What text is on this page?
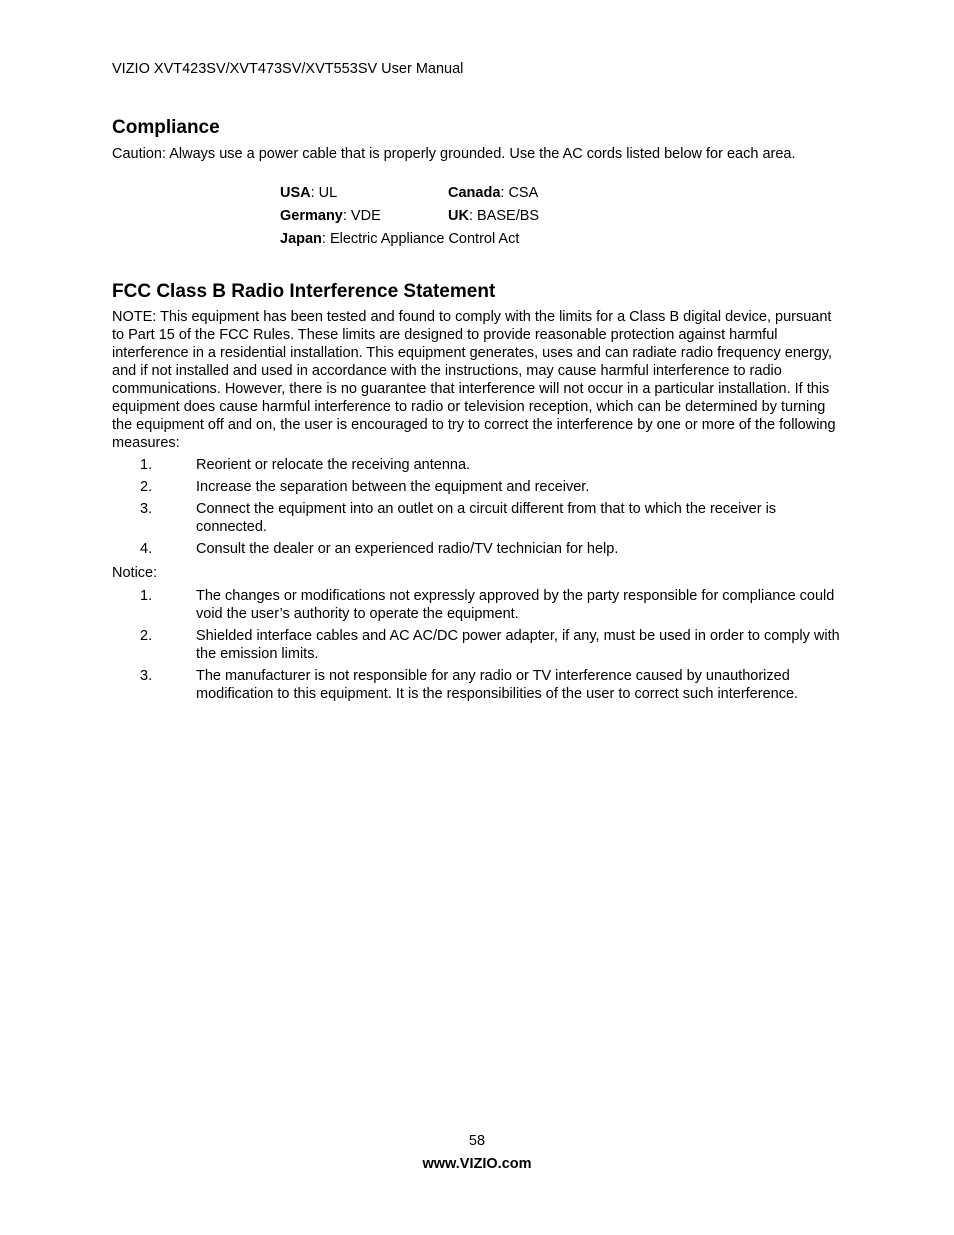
VIZIO XVT423SV/XVT473SV/XVT553SV User Manual
Compliance

Caution: Always use a power cable that is properly grounded. Use the AC cords listed below for each area.

USA: UL	Canada: CSA
Germany: VDE	UK: BASE/BS
Japan: Electric Appliance Control Act
FCC Class B Radio Interference Statement

NOTE: This equipment has been tested and found to comply with the limits for a Class B digital device, pursuant to Part 15 of the FCC Rules. These limits are designed to provide reasonable protection against harmful interference in a residential installation. This equipment generates, uses and can radiate radio frequency energy, and if not installed and used in accordance with the instructions, may cause harmful interference to radio communications. However, there is no guarantee that interference will not occur in a particular installation. If this equipment does cause harmful interference to radio or television reception, which can be determined by turning the equipment off and on, the user is encouraged to try to correct the interference by one or more of the following measures:

1.	Reorient or relocate the receiving antenna.
2.	Increase the separation between the equipment and receiver.
3.	Connect the equipment into an outlet on a circuit different from that to which the receiver is connected.
4.	Consult the dealer or an experienced radio/TV technician for help.
Notice:
1.	The changes or modifications not expressly approved by the party responsible for compliance could void the user’s authority to operate the equipment.
2.	Shielded interface cables and AC AC/DC power adapter, if any, must be used in order to comply with the emission limits.
3.	The manufacturer is not responsible for any radio or TV interference caused by unauthorized modification to this equipment. It is the responsibilities of the user to correct such interference.
58
www.VIZIO.com
